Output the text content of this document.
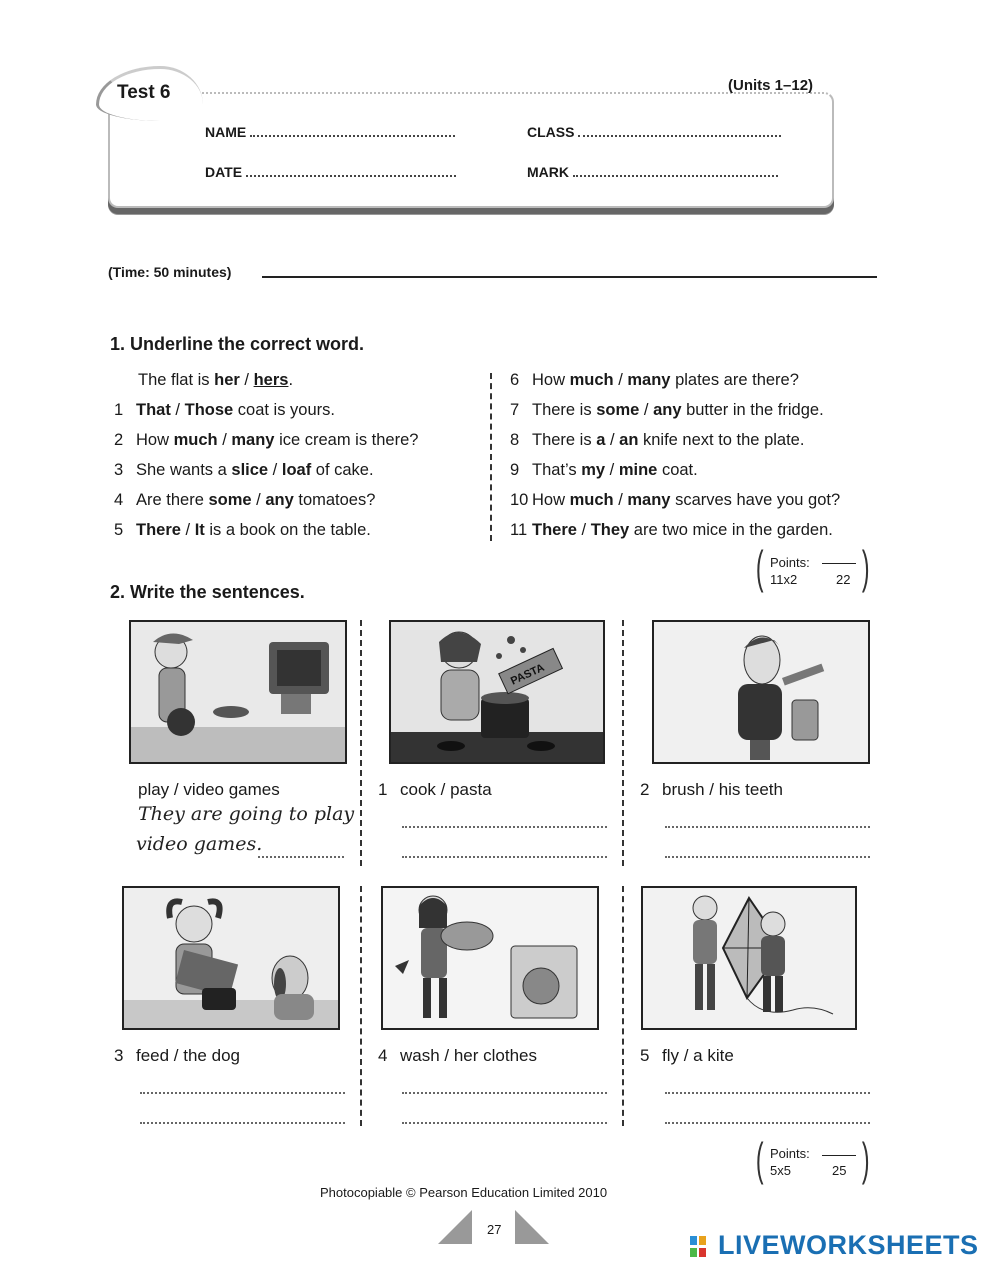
Test 6	(Units 1–12)
NAME	CLASS
DATE	MARK
(Time: 50 minutes)
1. Underline the correct word.
The flat is her / hers.
1 That / Those coat is yours.
2 How much / many ice cream is there?
3 She wants a slice / loaf of cake.
4 Are there some / any tomatoes?
5 There / It is a book on the table.
6 How much / many plates are there?
7 There is some / any butter in the fridge.
8 There is a / an knife next to the plate.
9 That’s my / mine coat.
10 How much / many scarves have you got?
11 There / They are two mice in the garden.
( )
Points:
11x2	22
2. Write the sentences.
play / video games
They are going to play
video games.
PASTA
1 cook / pasta	2 brush / his teeth
3 feed / the dog	4 wash / her clothes	5 fly / a kite
( )
Points:
5x5	25
Photocopiable © Pearson Education Limited 2010
27
LIVEWORKSHEETS
